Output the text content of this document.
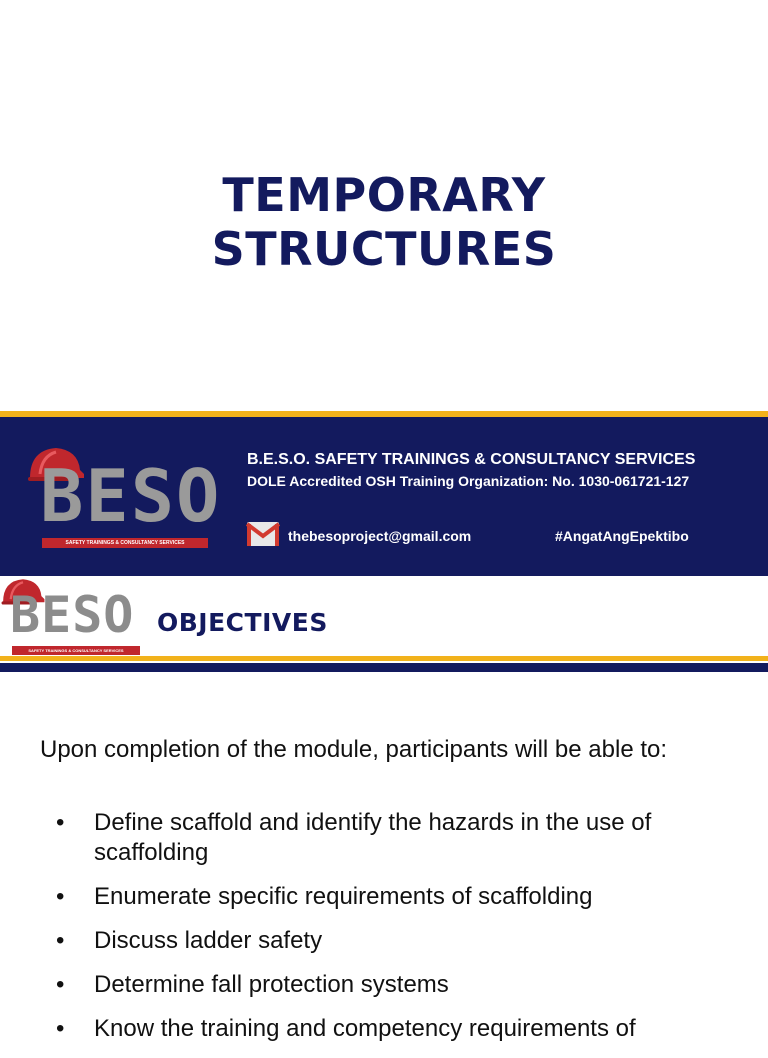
TEMPORARY
STRUCTURES
BESO
SAFETY TRAININGS & CONSULTANCY SERVICES
B.E.S.O. SAFETY TRAININGS & CONSULTANCY SERVICES
DOLE Accredited OSH Training Organization: No. 1030-061721-127
thebesoproject@gmail.com	#AngatAngEpektibo
BESO
SAFETY TRAININGS & CONSULTANCY SERVICES
OBJECTIVES
Upon completion of the module, participants will be able to:
• Define scaffold and identify the hazards in the use of scaffolding
• Enumerate specific requirements of scaffolding
• Discuss ladder safety
• Determine fall protection systems
• Know the training and competency requirements of
